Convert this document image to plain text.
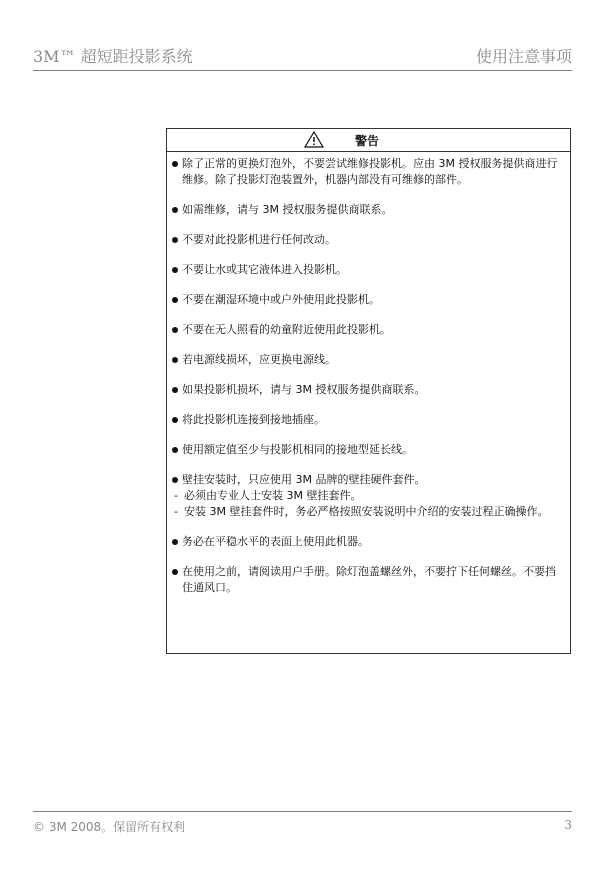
3M™ 超短距投影系统	使用注意事项
警告
除了正常的更换灯泡外，不要尝试维修投影机。应由 3M 授权服务提供商进行维修。除了投影灯泡装置外，机器内部没有可维修的部件。
如需维修，请与 3M 授权服务提供商联系。
不要对此投影机进行任何改动。
不要让水或其它液体进入投影机。
不要在潮湿环境中或户外使用此投影机。
不要在无人照看的幼童附近使用此投影机。
若电源线损坏，应更换电源线。
如果投影机损坏，请与 3M 授权服务提供商联系。
将此投影机连接到接地插座。
使用额定值至少与投影机相同的接地型延长线。
壁挂安装时，只应使用 3M 品牌的壁挂硬件套件。
- 必须由专业人士安装 3M 壁挂套件。
- 安装 3M 壁挂套件时，务必严格按照安装说明中介绍的安装过程正确操作。
务必在平稳水平的表面上使用此机器。
在使用之前，请阅读用户手册。除灯泡盖螺丝外，不要拧下任何螺丝。不要挡住通风口。
© 3M 2008。保留所有权利	3
